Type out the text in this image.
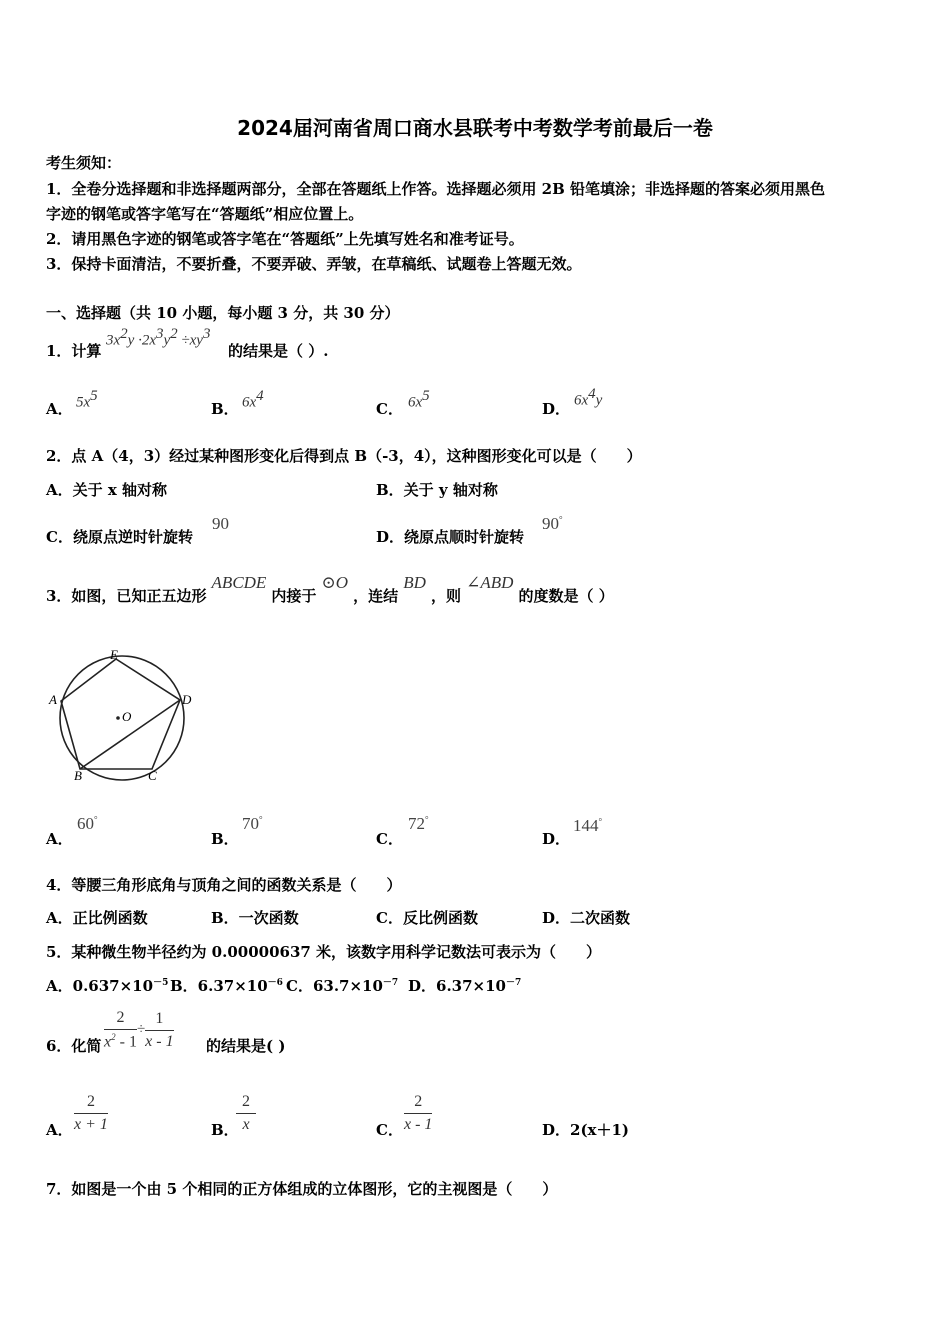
2024届河南省周口商水县联考中考数学考前最后一卷
考生须知：
1．全卷分选择题和非选择题两部分，全部在答题纸上作答。选择题必须用 2B 铅笔填涂；非选择题的答案必须用黑色
字迹的钢笔或答字笔写在“答题纸”相应位置上。
2．请用黑色字迹的钢笔或答字笔在“答题纸”上先填写姓名和准考证号。
3．保持卡面清洁，不要折叠，不要弄破、弄皱，在草稿纸、试题卷上答题无效。
一、选择题（共 10 小题，每小题 3 分，共 30 分）
1．计算
$3x^2y \cdot 2x^3y^2 \div xy^3$
的结果是（ ）.
A． $5x^5$
B． $6x^4$
C． $6x^5$
D． $6x^4y$
2．点 A（4，3）经过某种图形变化后得到点 B（-3，4），这种图形变化可以是（　　）
A．关于 x 轴对称	B．关于 y 轴对称
C．绕原点逆时针旋转
90
D．绕原点顺时针旋转
90°
3．如图，已知正五边形 ABCDE 内接于 ⊙O ，连结 BD ，则 ∠ABD 的度数是（ ）
E
D
A
B	C
O
A．
60°
B．
70°
C．
72°
D．
144°
4．等腰三角形底角与顶角之间的函数关系是（　　）
A．正比例函数	B．一次函数	C．反比例函数	D．二次函数
5．某种微生物半径约为 0.00000637 米，该数字用科学记数法可表示为（　　）
A．$0.637\times 10^{-5}$ B．$6.37\times 10^{-6}$ C．$63.7\times 10^{-7}$ D．$6.37\times 10^{-7}$
6．化简 $\frac{2}{x^2 - 1} \div \frac{1}{x - 1}$ 的结果是( )
A． $\frac{2}{x + 1}$	B．
$\frac{2}{x}$	C． $\frac{2}{x - 1}$	D．2(x＋1)
7．如图是一个由 5 个相同的正方体组成的立体图形，它的主视图是（　　）
